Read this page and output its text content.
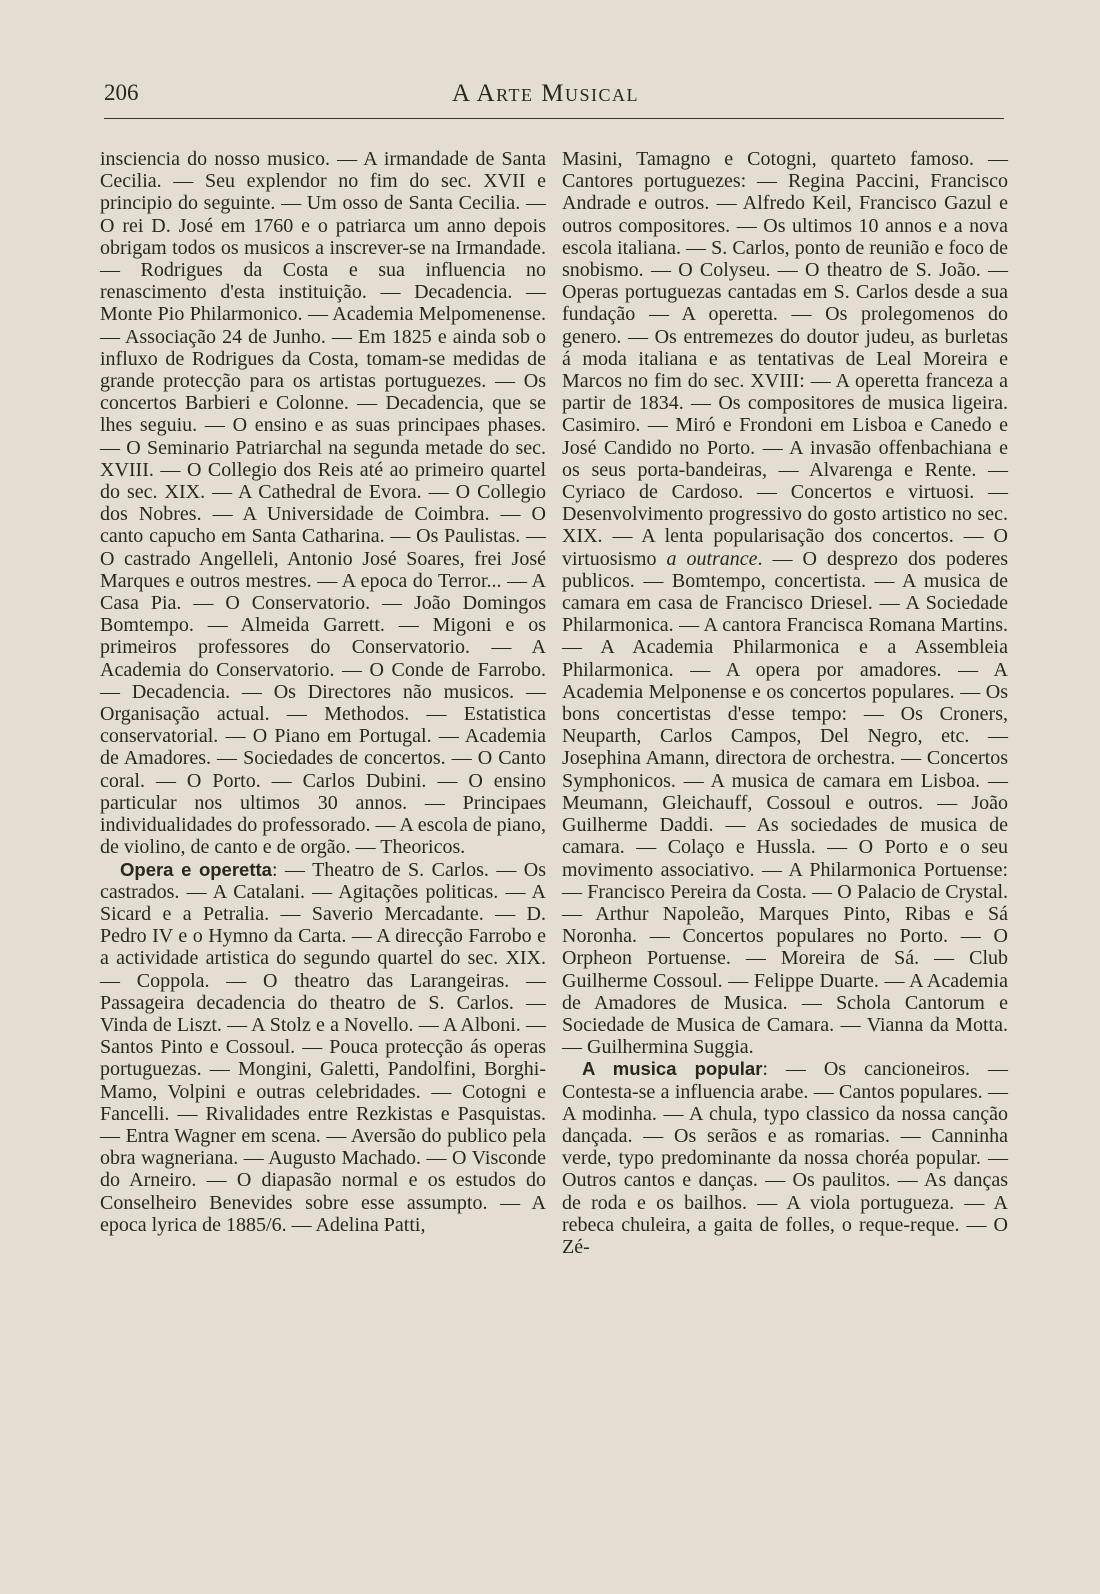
206	A Arte Musical

insciencia do nosso musico. — A irmandade de Santa Cecilia. — Seu explendor no fim do sec. XVII e principio do seguinte. — Um osso de Santa Cecilia. — O rei D. José em 1760 e o patriarca um anno depois obrigam todos os musicos a inscrever-se na Irmandade. — Rodrigues da Costa e sua influencia no renascimento d'esta instituição. — Decadencia. — Monte Pio Philarmonico. — Academia Melpomenense. — Associação 24 de Junho. — Em 1825 e ainda sob o influxo de Rodrigues da Costa, tomam-se medidas de grande protecção para os artistas portuguezes. — Os concertos Barbieri e Colonne. — Decadencia, que se lhes seguiu. — O ensino e as suas principaes phases. — O Seminario Patriarchal na segunda metade do sec. XVIII. — O Collegio dos Reis até ao primeiro quartel do sec. XIX. — A Cathedral de Evora. — O Collegio dos Nobres. — A Universidade de Coimbra. — O canto capucho em Santa Catharina. — Os Paulistas. — O castrado Angelleli, Antonio José Soares, frei José Marques e outros mestres. — A epoca do Terror... — A Casa Pia. — O Conservatorio. — João Domingos Bomtempo. — Almeida Garrett. — Migoni e os primeiros professores do Conservatorio. — A Academia do Conservatorio. — O Conde de Farrobo. — Decadencia. — Os Directores não musicos. — Organisação actual. — Methodos. — Estatistica conservatorial. — O Piano em Portugal. — Academia de Amadores. — Sociedades de concertos. — O Canto coral. — O Porto. — Carlos Dubini. — O ensino particular nos ultimos 30 annos. — Principaes individualidades do professorado. — A escola de piano, de violino, de canto e de orgão. — Theoricos.

Opera e operetta: — Theatro de S. Carlos. — Os castrados. — A Catalani. — Agitações politicas. — A Sicard e a Petralia. — Saverio Mercadante. — D. Pedro IV e o Hymno da Carta. — A direcção Farrobo e a actividade artistica do segundo quartel do sec. XIX. — Coppola. — O theatro das Larangeiras. — Passageira decadencia do theatro de S. Carlos. — Vinda de Liszt. — A Stolz e a Novello. — A Alboni. — Santos Pinto e Cossoul. — Pouca protecção ás operas portuguezas. — Mongini, Galetti, Pandolfini, Borghi-Mamo, Volpini e outras celebridades. — Cotogni e Fancelli. — Rivalidades entre Rezkistas e Pasquistas. — Entra Wagner em scena. — Aversão do publico pela obra wagneriana. — Augusto Machado. — O Visconde do Arneiro. — O diapasão normal e os estudos do Conselheiro Benevides sobre esse assumpto. — A epoca lyrica de 1885/6. — Adelina Patti,

Masini, Tamagno e Cotogni, quarteto famoso. — Cantores portuguezes: — Regina Paccini, Francisco Andrade e outros. — Alfredo Keil, Francisco Gazul e outros compositores. — Os ultimos 10 annos e a nova escola italiana. — S. Carlos, ponto de reunião e foco de snobismo. — O Colyseu. — O theatro de S. João. — Operas portuguezas cantadas em S. Carlos desde a sua fundação — A operetta. — Os prolegomenos do genero. — Os entremezes do doutor judeu, as burletas á moda italiana e as tentativas de Leal Moreira e Marcos no fim do sec. XVIII: — A operetta franceza a partir de 1834. — Os compositores de musica ligeira. Casimiro. — Miró e Frondoni em Lisboa e Canedo e José Candido no Porto. — A invasão offenbachiana e os seus porta-bandeiras, — Alvarenga e Rente. — Cyriaco de Cardoso. — Concertos e virtuosi. — Desenvolvimento progressivo do gosto artistico no sec. XIX. — A lenta popularisação dos concertos. — O virtuosismo a outrance. — O desprezo dos poderes publicos. — Bomtempo, concertista. — A musica de camara em casa de Francisco Driesel. — A Sociedade Philarmonica. — A cantora Francisca Romana Martins. — A Academia Philarmonica e a Assembleia Philarmonica. — A opera por amadores. — A Academia Melponense e os concertos populares. — Os bons concertistas d'esse tempo: — Os Croners, Neuparth, Carlos Campos, Del Negro, etc. — Josephina Amann, directora de orchestra. — Concertos Symphonicos. — A musica de camara em Lisboa. — Meumann, Gleichauff, Cossoul e outros. — João Guilherme Daddi. — As sociedades de musica de camara. — Colaço e Hussla. — O Porto e o seu movimento associativo. — A Philarmonica Portuense: — Francisco Pereira da Costa. — O Palacio de Crystal. — Arthur Napoleão, Marques Pinto, Ribas e Sá Noronha. — Concertos populares no Porto. — O Orpheon Portuense. — Moreira de Sá. — Club Guilherme Cossoul. — Felippe Duarte. — A Academia de Amadores de Musica. — Schola Cantorum e Sociedade de Musica de Camara. — Vianna da Motta. — Guilhermina Suggia.

A musica popular: — Os cancioneiros. — Contesta-se a influencia arabe. — Cantos populares. — A modinha. — A chula, typo classico da nossa canção dançada. — Os serãos e as romarias. — Canninha verde, typo predominante da nossa choréa popular. — Outros cantos e danças. — Os paulitos. — As danças de roda e os bailhos. — A viola portugueza. — A rebeca chuleira, a gaita de folles, o reque-reque. — O Zé-
